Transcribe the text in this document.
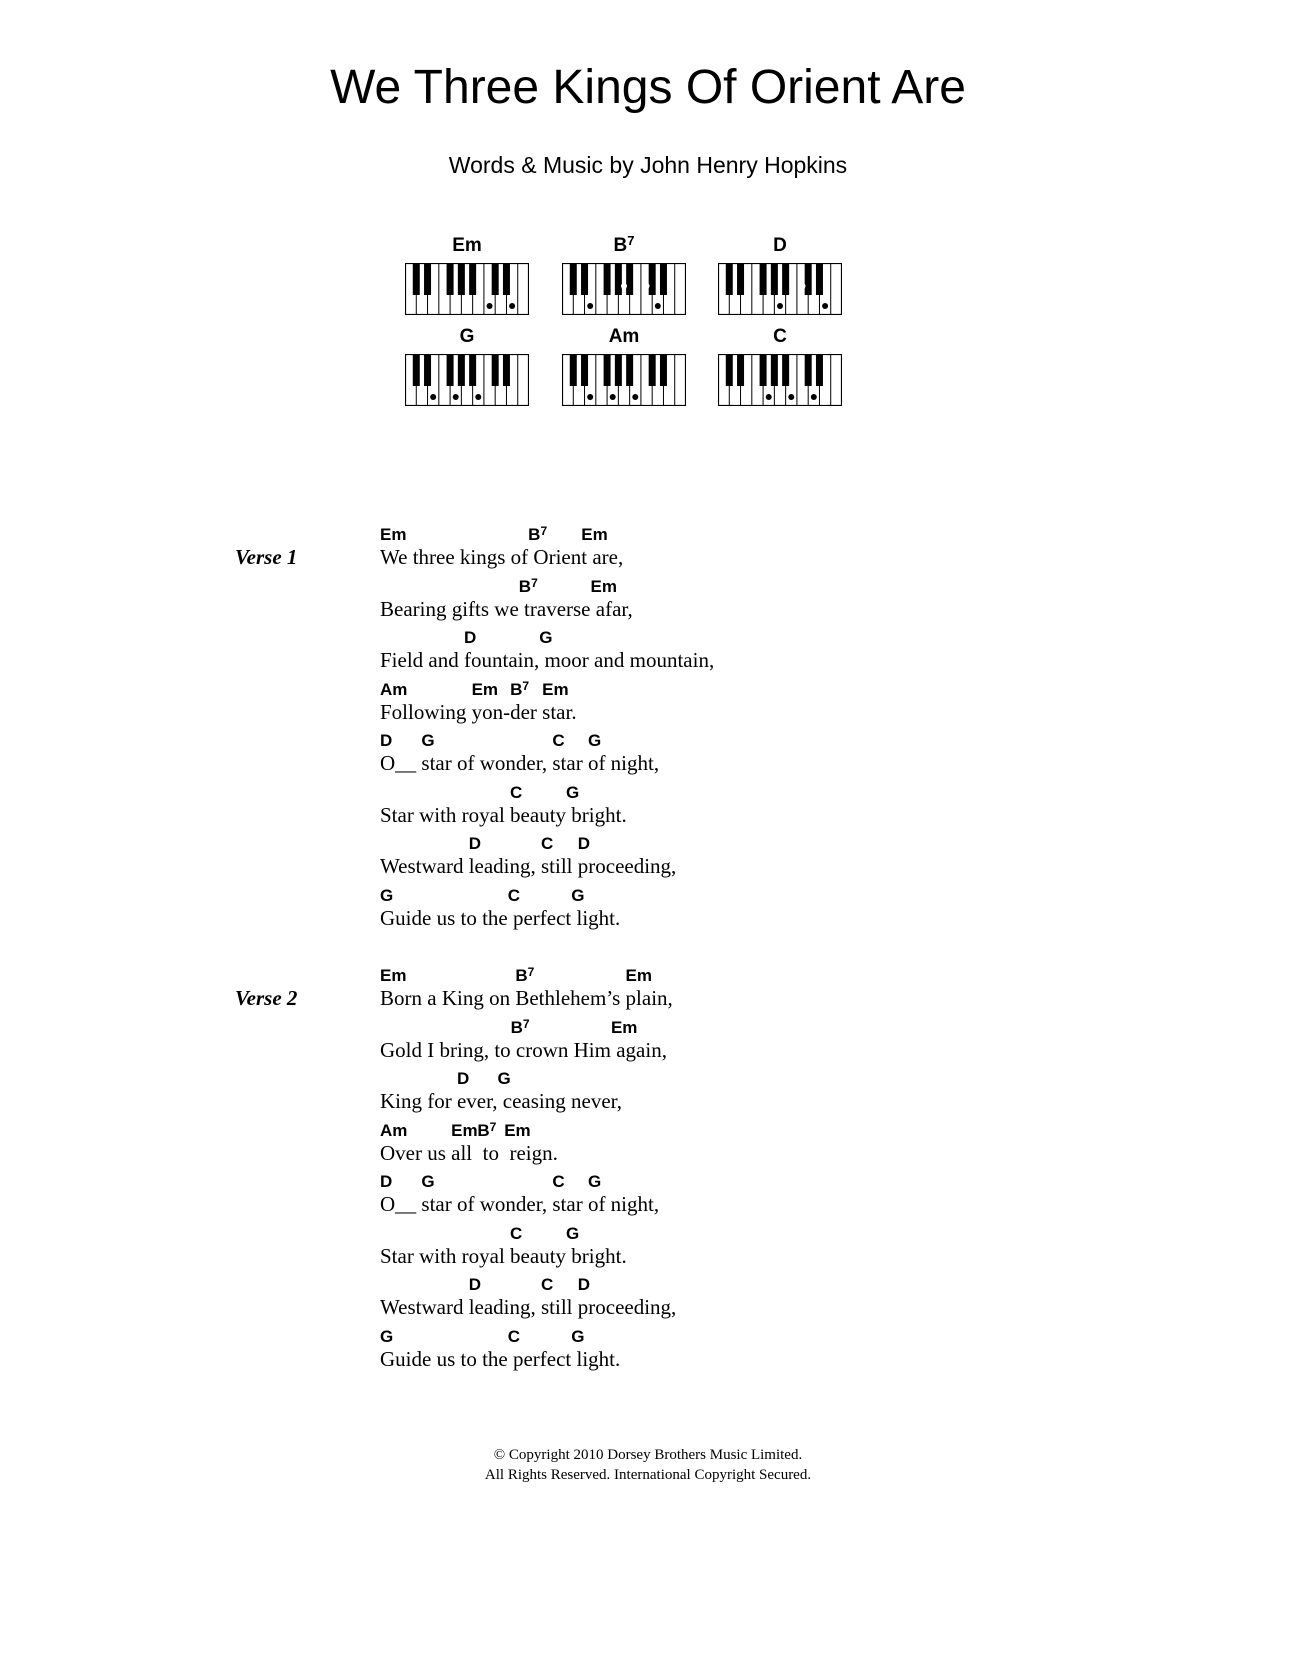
We Three Kings Of Orient Are
Words & Music by John Henry Hopkins
Em	$B^7$	D
G	Am	C
Verse 1	We three kings of Orient are,
Em	$B^7$ Em
Bearing gifts we traverse afar,
$B^7$	Em
Field and fountain, moor and mountain,
D	G
Following yon-der star.
Am	Em $B^7$ Em
O__ star of wonder, star of night,
D G	C G
Star with royal beauty bright.
C	G
Westward leading, still proceeding,
D	C D
Guide us to the perfect light.
G	C	G
Verse 2	Born a King on Bethlehem’s plain,
Em	$B^7$	Em
Gold I bring, to crown Him again,
$B^7$	Em
King for ever, ceasing never,
D G
Over us all  to  reign.
Am	Em $B^7$ Em
O__ star of wonder, star of night,
D G	C G
Star with royal beauty bright.
C	G
Westward leading, still proceeding,
D	C D
Guide us to the perfect light.
G	C	G
© Copyright 2010 Dorsey Brothers Music Limited.
All Rights Reserved. International Copyright Secured.
